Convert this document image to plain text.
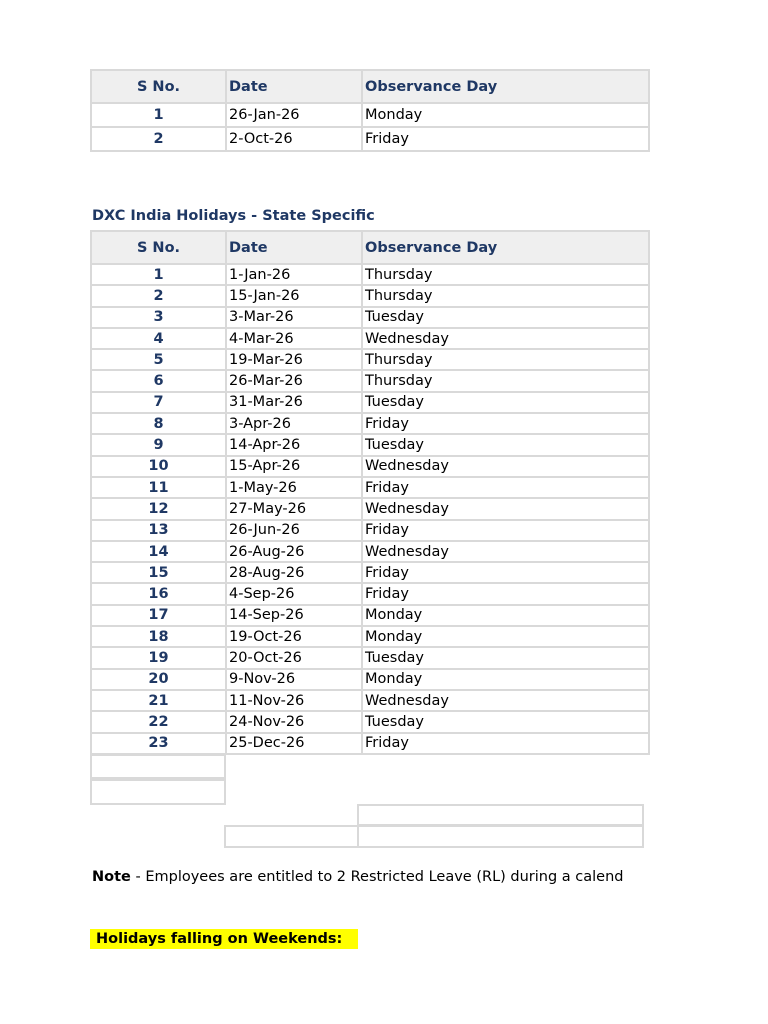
S No.	Date	Observance Day
1	26-Jan-26	Monday
2	2-Oct-26	Friday
DXC India Holidays - State Specific
S No.	Date	Observance Day
1	1-Jan-26	Thursday
2	15-Jan-26	Thursday
3	3-Mar-26	Tuesday
4	4-Mar-26	Wednesday
5	19-Mar-26	Thursday
6	26-Mar-26	Thursday
7	31-Mar-26	Tuesday
8	3-Apr-26	Friday
9	14-Apr-26	Tuesday
10	15-Apr-26	Wednesday
11	1-May-26	Friday
12	27-May-26	Wednesday
13	26-Jun-26	Friday
14	26-Aug-26	Wednesday
15	28-Aug-26	Friday
16	4-Sep-26	Friday
17	14-Sep-26	Monday
18	19-Oct-26	Monday
19	20-Oct-26	Tuesday
20	9-Nov-26	Monday
21	11-Nov-26	Wednesday
22	24-Nov-26	Tuesday
23	25-Dec-26	Friday
Note - Employees are entitled to 2 Restricted Leave (RL) during a calend
Holidays falling on Weekends:
